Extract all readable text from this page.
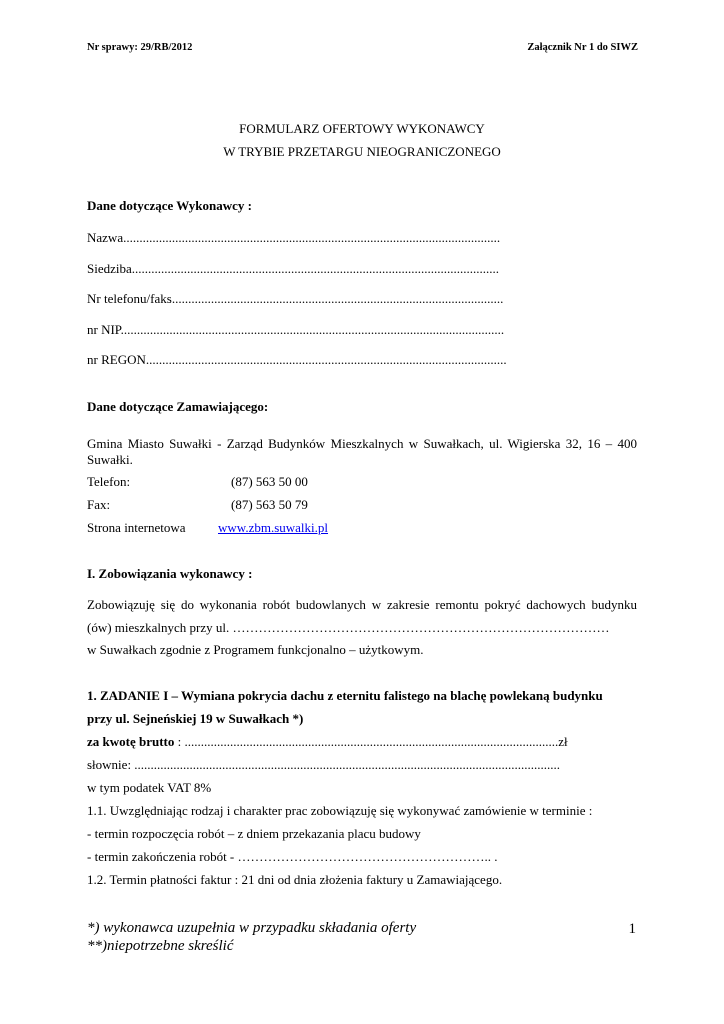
Nr sprawy: 29/RB/2012	Załącznik Nr 1 do SIWZ
FORMULARZ OFERTOWY WYKONAWCY
W TRYBIE PRZETARGU NIEOGRANICZONEGO
Dane dotyczące Wykonawcy :
Nazwa....................................................................................................................
Siedziba.................................................................................................................
Nr telefonu/faks......................................................................................................
nr NIP......................................................................................................................
nr REGON...............................................................................................................
Dane dotyczące Zamawiającego:
Gmina Miasto Suwałki - Zarząd Budynków Mieszkalnych w Suwałkach, ul. Wigierska 32, 16 – 400
Suwałki.
Telefon:	(87) 563 50 00
Fax:	(87) 563 50 79
Strona internetowa www.zbm.suwalki.pl
I. Zobowiązania wykonawcy :
Zobowiązuję się do wykonania robót budowlanych w zakresie remontu pokryć dachowych budynku
(ów) mieszkalnych przy ul. ……………………………………………………………………………
w Suwałkach zgodnie z Programem funkcjonalno – użytkowym.
1. ZADANIE I – Wymiana pokrycia dachu z eternitu falistego na blachę powlekaną budynku
przy ul. Sejneńskiej 19 w Suwałkach *)
za kwotę brutto : ...................................................................................................................zł
słownie: ...................................................................................................................................
w tym podatek VAT 8%
1.1. Uwzględniając rodzaj i charakter prac zobowiązuję się wykonywać zamówienie w terminie :
- termin rozpoczęcia robót – z dniem przekazania placu budowy
- termin zakończenia robót - ………………………………………………….. .
1.2. Termin płatności faktur : 21 dni od dnia złożenia faktury u Zamawiającego.
*) wykonawca uzupełnia w przypadku składania oferty
**)niepotrzebne skreślić
1
